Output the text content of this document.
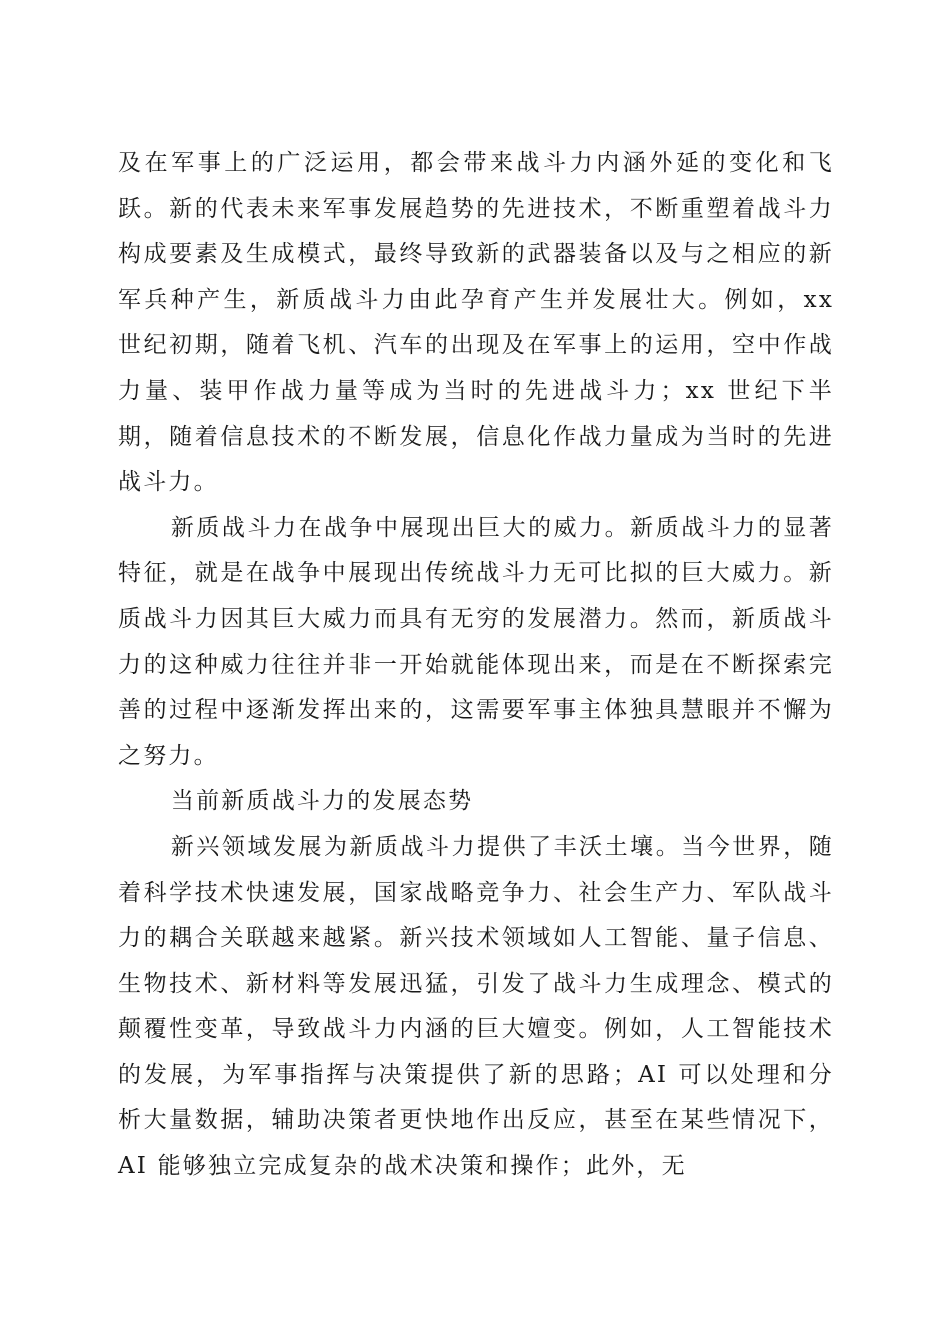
及在军事上的广泛运用，都会带来战斗力内涵外延的变化和飞跃。新的代表未来军事发展趋势的先进技术，不断重塑着战斗力构成要素及生成模式，最终导致新的武器装备以及与之相应的新军兵种产生，新质战斗力由此孕育产生并发展壮大。例如，xx 世纪初期，随着飞机、汽车的出现及在军事上的运用，空中作战力量、装甲作战力量等成为当时的先进战斗力；xx 世纪下半期，随着信息技术的不断发展，信息化作战力量成为当时的先进战斗力。

新质战斗力在战争中展现出巨大的威力。新质战斗力的显著特征，就是在战争中展现出传统战斗力无可比拟的巨大威力。新质战斗力因其巨大威力而具有无穷的发展潜力。然而，新质战斗力的这种威力往往并非一开始就能体现出来，而是在不断探索完善的过程中逐渐发挥出来的，这需要军事主体独具慧眼并不懈为之努力。

当前新质战斗力的发展态势

新兴领域发展为新质战斗力提供了丰沃土壤。当今世界，随着科学技术快速发展，国家战略竞争力、社会生产力、军队战斗力的耦合关联越来越紧。新兴技术领域如人工智能、量子信息、生物技术、新材料等发展迅猛，引发了战斗力生成理念、模式的颠覆性变革，导致战斗力内涵的巨大嬗变。例如，人工智能技术的发展，为军事指挥与决策提供了新的思路；AI 可以处理和分析大量数据，辅助决策者更快地作出反应，甚至在某些情况下，AI 能够独立完成复杂的战术决策和操作；此外，无
